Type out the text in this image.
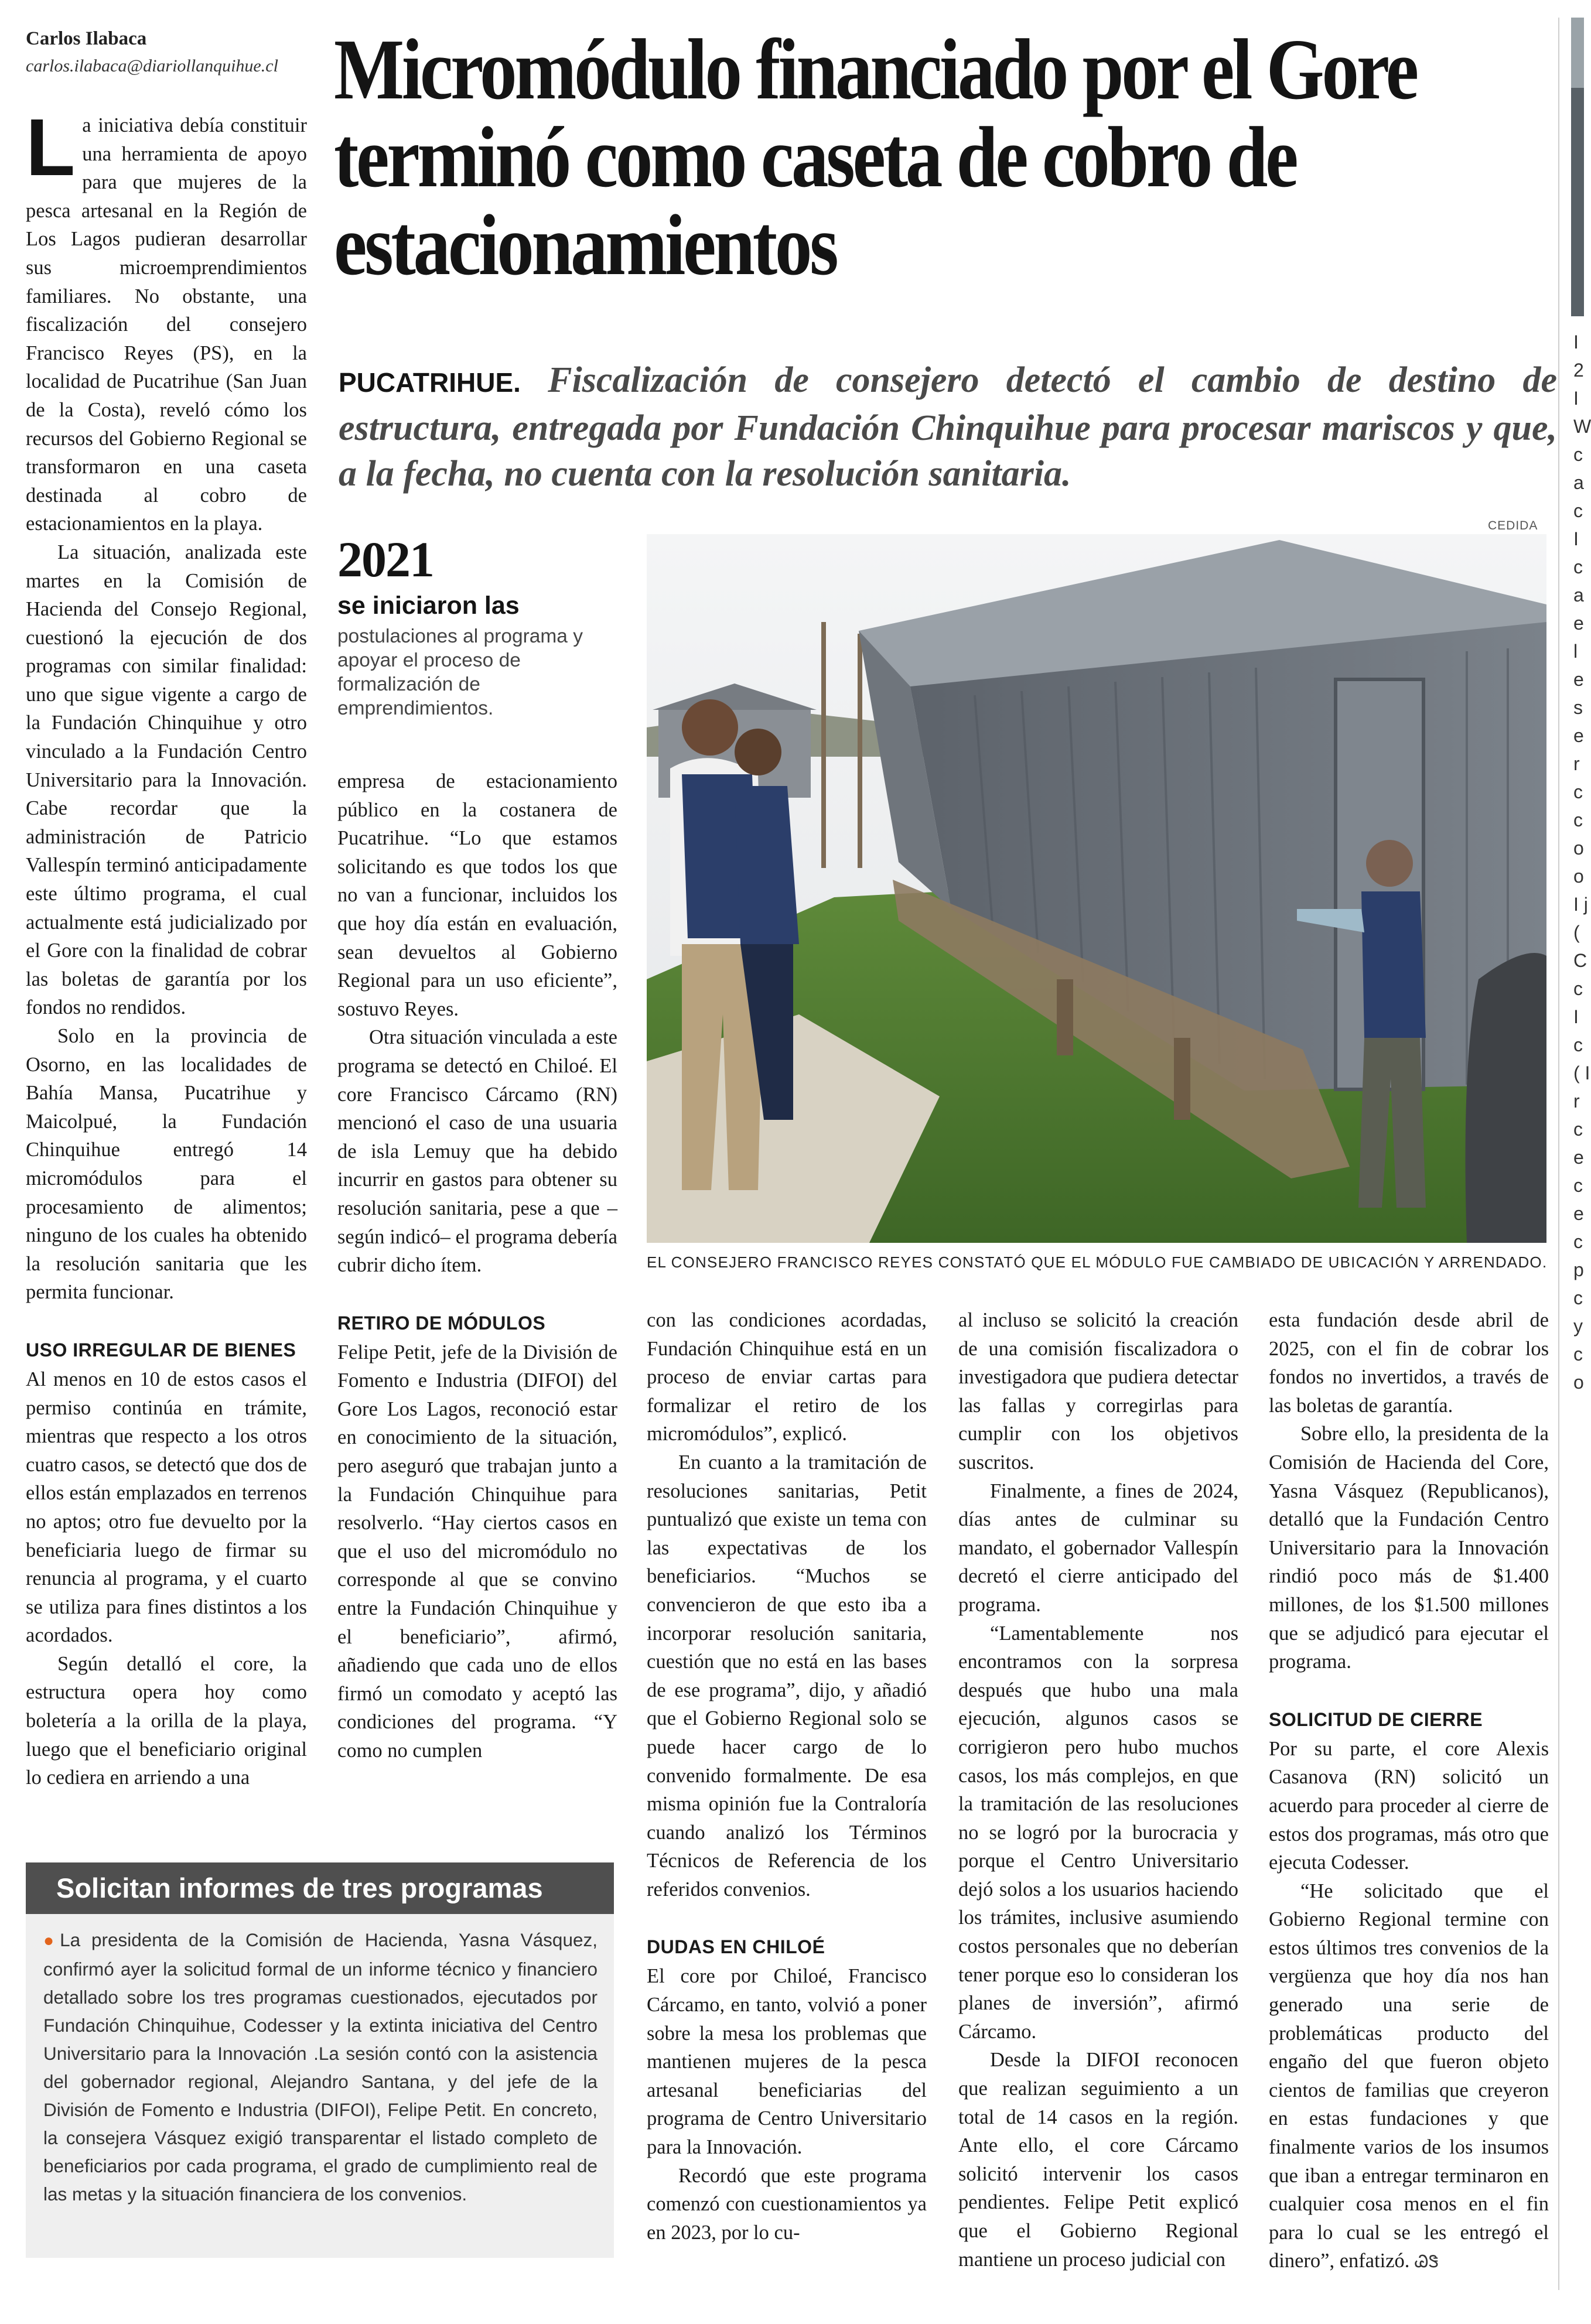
Carlos Ilabaca
carlos.ilabaca@diariollanquihue.cl Micromódulo financiado por el Gore terminó como caseta de cobro de estacionamientos

PUCATRIHUE. Fiscalización de consejero detectó el cambio de destino de estructura, entregada por Fundación Chinquihue para procesar mariscos y que, a la fecha, no cuenta con la resolución sanitaria.

CEDIDA
EL CONSEJERO FRANCISCO REYES CONSTATÓ QUE EL MÓDULO FUE CAMBIADO DE UBICACIÓN Y ARRENDADO.
2021
se iniciaron las
postulaciones al programa y apoyar el proceso de formalización de emprendimientos.

La iniciativa debía constituir una herramienta de apoyo para que mujeres de la pesca artesanal en la Región de Los Lagos pudieran desarrollar sus microemprendimientos familiares. No obstante, una fiscalización del consejero Francisco Reyes (PS), en la localidad de Pucatrihue (San Juan de la Costa), reveló cómo los recursos del Gobierno Regional se transformaron en una caseta destinada al cobro de estacionamientos en la playa.

La situación, analizada este martes en la Comisión de Hacienda del Consejo Regional, cuestionó la ejecución de dos programas con similar finalidad: uno que sigue vigente a cargo de la Fundación Chinquihue y otro vinculado a la Fundación Centro Universitario para la Innovación. Cabe recordar que la administración de Patricio Vallespín terminó anticipadamente este último programa, el cual actualmente está judicializado por el Gore con la finalidad de cobrar las boletas de garantía por los fondos no rendidos.

Solo en la provincia de Osorno, en las localidades de Bahía Mansa, Pucatrihue y Maicolpué, la Fundación Chinquihue entregó 14 micromódulos para el procesamiento de alimentos; ninguno de los cuales ha obtenido la resolución sanitaria que les permita funcionar.

USO IRREGULAR DE BIENES

Al menos en 10 de estos casos el permiso continúa en trámite, mientras que respecto a los otros cuatro casos, se detectó que dos de ellos están emplazados en terrenos no aptos; otro fue devuelto por la beneficiaria luego de firmar su renuncia al programa, y el cuarto se utiliza para fines distintos a los acordados.

Según detalló el core, la estructura opera hoy como boletería a la orilla de la playa, luego que el beneficiario original lo cediera en arriendo a una

empresa de estacionamiento público en la costanera de Pucatrihue. “Lo que estamos solicitando es que todos los que no van a funcionar, incluidos los que hoy día están en evaluación, sean devueltos al Gobierno Regional para un uso eficiente”, sostuvo Reyes.

Otra situación vinculada a este programa se detectó en Chiloé. El core Francisco Cárcamo (RN) mencionó el caso de una usuaria de isla Lemuy que ha debido incurrir en gastos para obtener su resolución sanitaria, pese a que –según indicó– el programa debería cubrir dicho ítem.

RETIRO DE MÓDULOS

Felipe Petit, jefe de la División de Fomento e Industria (DIFOI) del Gore Los Lagos, reconoció estar en conocimiento de la situación, pero aseguró que trabajan junto a la Fundación Chinquihue para resolverlo. “Hay ciertos casos en que el uso del micromódulo no corresponde al que se convino entre la Fundación Chinquihue y el beneficiario”, afirmó, añadiendo que cada uno de ellos firmó un comodato y aceptó las condiciones del programa. “Y como no cumplen

con las condiciones acordadas, Fundación Chinquihue está en un proceso de enviar cartas para formalizar el retiro de los micromódulos”, explicó.

En cuanto a la tramitación de resoluciones sanitarias, Petit puntualizó que existe un tema con las expectativas de los beneficiarios. “Muchos se convencieron de que esto iba a incorporar resolución sanitaria, cuestión que no está en las bases de ese programa”, dijo, y añadió que el Gobierno Regional solo se puede hacer cargo de lo convenido formalmente. De esa misma opinión fue la Contraloría cuando analizó los Términos Técnicos de Referencia de los referidos convenios.

DUDAS EN CHILOÉ

El core por Chiloé, Francisco Cárcamo, en tanto, volvió a poner sobre la mesa los problemas que mantienen mujeres de la pesca artesanal beneficiarias del programa de Centro Universitario para la Innovación.

Recordó que este programa comenzó con cuestionamientos ya en 2023, por lo cu-

al incluso se solicitó la creación de una comisión fiscalizadora o investigadora que pudiera detectar las fallas y corregirlas para cumplir con los objetivos suscritos.

Finalmente, a fines de 2024, días antes de culminar su mandato, el gobernador Vallespín decretó el cierre anticipado del programa.

“Lamentablemente nos encontramos con la sorpresa después que hubo una mala ejecución, algunos casos se corrigieron pero hubo muchos casos, los más complejos, en que la tramitación de las resoluciones no se logró por la burocracia y porque el Centro Universitario dejó solos a los usuarios haciendo los trámites, inclusive asumiendo costos personales que no deberían tener porque eso lo consideran los planes de inversión”, afirmó Cárcamo.

Desde la DIFOI reconocen que realizan seguimiento a un total de 14 casos en la región. Ante ello, el core Cárcamo solicitó intervenir los casos pendientes. Felipe Petit explicó que el Gobierno Regional mantiene un proceso judicial con

esta fundación desde abril de 2025, con el fin de cobrar los fondos no invertidos, a través de las boletas de garantía.

Sobre ello, la presidenta de la Comisión de Hacienda del Core, Yasna Vásquez (Republicanos), detalló que la Fundación Centro Universitario para la Innovación rindió poco más de $1.400 millones, de los $1.500 millones que se adjudicó para ejecutar el programa.

SOLICITUD DE CIERRE

Por su parte, el core Alexis Casanova (RN) solicitó un acuerdo para proceder al cierre de estos dos programas, más otro que ejecuta Codesser.

“He solicitado que el Gobierno Regional termine con estos últimos tres convenios de la vergüenza que hoy día nos han generado una serie de problemáticas producto del engaño del que fueron objeto cientos de familias que creyeron en estas fundaciones y que finalmente varios de los insumos que iban a entregar terminaron en cualquier cosa menos en el fin para lo cual se les entregó el dinero”, enfatizó. ᏊᏕ

Solicitan informes de tres programas
●La presidenta de la Comisión de Hacienda, Yasna Vásquez, confirmó ayer la solicitud formal de un informe técnico y financiero detallado sobre los tres programas cuestionados, ejecutados por Fundación Chinquihue, Codesser y la extinta iniciativa del Centro Universitario para la Innovación .La sesión contó con la asistencia del gobernador regional, Alejandro Santana, y del jefe de la División de Fomento e Industria (DIFOI), Felipe Petit. En concreto, la consejera Vásquez exigió transparentar el listado completo de beneficiarios por cada programa, el grado de cumplimiento real de las metas y la situación financiera de los convenios.
I 2 I W c a c I c a e l e s e r c c o o I j ( C c I c ( I r c e c e c p c y c o
